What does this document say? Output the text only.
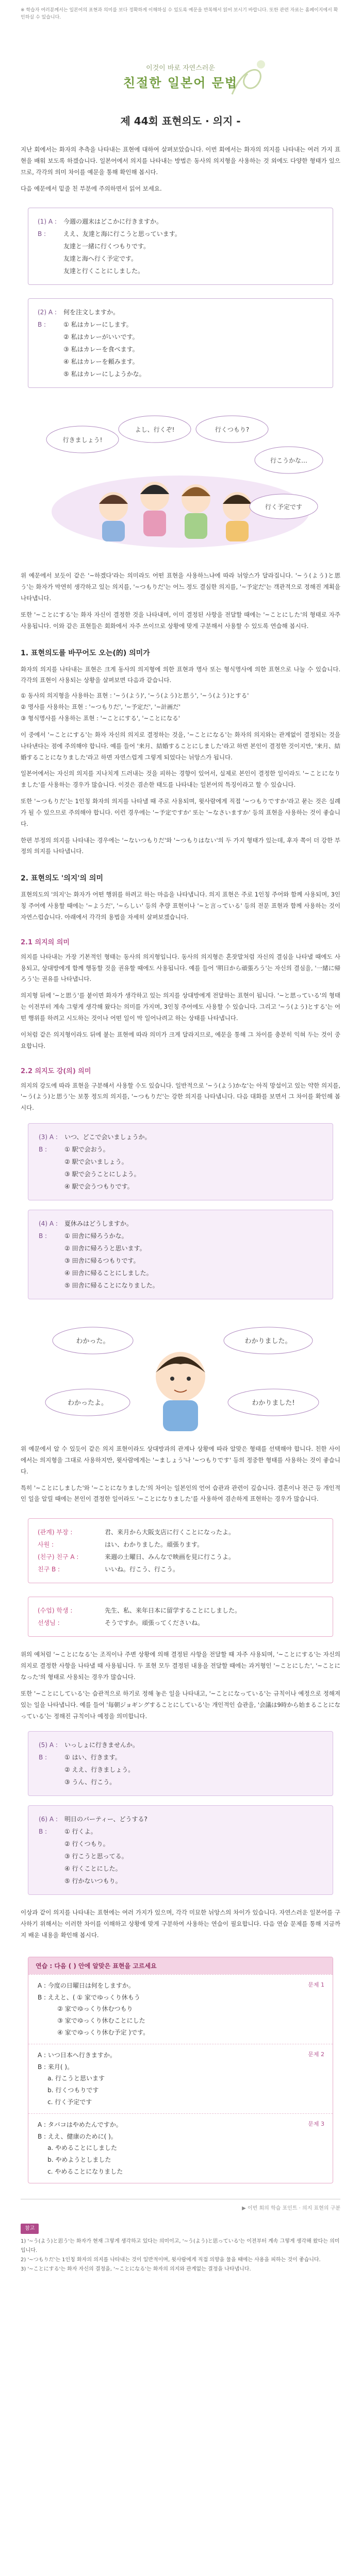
※ 학습자 여러분께서는 일본어의 표현과 의미를 보다 정확하게 이해하실 수 있도록 예문을 반복해서 읽어 보시기 바랍니다. 또한 관련 자료는 홈페이지에서 확인하실 수 있습니다.
이것이 바로 자연스러운
친절한 일본어 문법
제 44회 표현의도 · 의지 -

지난 회에서는 화자의 추측을 나타내는 표현에 대하여 살펴보았습니다. 이번 회에서는 화자의 의지를 나타내는 여러 가지 표현을 배워 보도록 하겠습니다. 일본어에서 의지를 나타내는 방법은 동사의 의지형을 사용하는 것 외에도 다양한 형태가 있으므로, 각각의 의미 차이를 예문을 통해 확인해 봅시다.

다음 예문에서 밑줄 친 부분에 주의하면서 읽어 보세요.

(1) A : 今週の週末はどこかに行きますか。
B :	ええ、友達と海に行こうと思っています。
友達と一緒に行くつもりです。
友達と海へ行く予定です。
友達と行くことにしました。
(2) A : 何を注文しますか。
B :	① 私はカレーにします。
② 私はカレーがいいです。
③ 私はカレーを食べます。
④ 私はカレーを頼みます。
⑤ 私はカレーにしようかな。
行きましょう!
よし、行くぞ!	行くつもり?
行こうかな…
行く予定です

위 예문에서 보듯이 같은 '~하겠다'라는 의미라도 어떤 표현을 사용하느냐에 따라 뉘앙스가 달라집니다. '~う(よう)と思う'는 화자가 막연히 생각하고 있는 의지를, '~つもりだ'는 어느 정도 결심한 의지를, '~予定だ'는 객관적으로 정해진 계획을 나타냅니다.

또한 '~ことにする'는 화자 자신이 결정한 것을 나타내며, 이미 결정된 사항을 전달할 때에는 '~ことにした'의 형태로 자주 사용됩니다. 이와 같은 표현들은 회화에서 자주 쓰이므로 상황에 맞게 구분해서 사용할 수 있도록 연습해 봅시다.

1. 표현의도를 바꾸어도 오는(的) 의미가

화자의 의지를 나타내는 표현은 크게 동사의 의지형에 의한 표현과 명사 또는 형식명사에 의한 표현으로 나눌 수 있습니다. 각각의 표현이 사용되는 상황을 살펴보면 다음과 같습니다.

① 동사의 의지형을 사용하는 표현 : '~う(よう)', '~う(よう)と思う', '~う(よう)とする'

② 명사를 사용하는 표현 : '~つもりだ', '~予定だ', '~計画だ'

③ 형식명사를 사용하는 표현 : '~ことにする', '~ことになる'

이 중에서 '~ことにする'는 화자 자신의 의지로 결정하는 것을, '~ことになる'는 화자의 의지와는 관계없이 결정되는 것을 나타낸다는 점에 주의해야 합니다. 예를 들어 '来月、結婚することにしました'라고 하면 본인이 결정한 것이지만, '来月、結婚することになりました'라고 하면 자연스럽게 그렇게 되었다는 뉘앙스가 됩니다.

일본어에서는 자신의 의지를 지나치게 드러내는 것을 피하는 경향이 있어서, 실제로 본인이 결정한 일이라도 '~ことになりました'를 사용하는 경우가 많습니다. 이것은 겸손한 태도를 나타내는 일본어의 특징이라고 할 수 있습니다.

또한 '~つもりだ'는 1인칭 화자의 의지를 나타낼 때 주로 사용되며, 윗사람에게 직접 '~つもりですか'라고 묻는 것은 실례가 될 수 있으므로 주의해야 합니다. 이런 경우에는 '~予定ですか' 또는 '~なさいますか' 등의 표현을 사용하는 것이 좋습니다.

한편 부정의 의지를 나타내는 경우에는 '~ないつもりだ'와 '~つもりはない'의 두 가지 형태가 있는데, 후자 쪽이 더 강한 부정의 의지를 나타냅니다.

2. 표현의도 '의지'의 의미

표현의도의 '의지'는 화자가 어떤 행위를 하려고 하는 마음을 나타냅니다. 의지 표현은 주로 1인칭 주어와 함께 사용되며, 3인칭 주어에 사용할 때에는 '~ようだ', '~らしい' 등의 추량 표현이나 '~と言っている' 등의 전문 표현과 함께 사용하는 것이 자연스럽습니다. 아래에서 각각의 용법을 자세히 살펴보겠습니다.

2.1 의지의 의미

의지를 나타내는 가장 기본적인 형태는 동사의 의지형입니다. 동사의 의지형은 혼잣말처럼 자신의 결심을 나타낼 때에도 사용되고, 상대방에게 함께 행동할 것을 권유할 때에도 사용됩니다. 예를 들어 '明日から頑張ろう'는 자신의 결심을, '一緒に帰ろう'는 권유를 나타냅니다.

의지형 뒤에 '~と思う'를 붙이면 화자가 생각하고 있는 의지를 상대방에게 전달하는 표현이 됩니다. '~と思っている'의 형태는 이전부터 계속 그렇게 생각해 왔다는 의미를 가지며, 3인칭 주어에도 사용할 수 있습니다. 그리고 '~う(よう)とする'는 어떤 행위를 하려고 시도하는 것이나 어떤 일이 막 일어나려고 하는 상태를 나타냅니다.

이처럼 같은 의지형이라도 뒤에 붙는 표현에 따라 의미가 크게 달라지므로, 예문을 통해 그 차이를 충분히 익혀 두는 것이 중요합니다.

2.2 의지도 강(의) 의미

의지의 강도에 따라 표현을 구분해서 사용할 수도 있습니다. 일반적으로 '~う(よう)かな'는 아직 망설이고 있는 약한 의지를, '~う(よう)と思う'는 보통 정도의 의지를, '~つもりだ'는 강한 의지를 나타냅니다. 다음 대화를 보면서 그 차이를 확인해 봅시다.

(3) A : いつ、どこで会いましょうか。
B :	① 駅で会おう。
② 駅で会いましょう。
③ 駅で会うことにしよう。
④ 駅で会うつもりです。
(4) A : 夏休みはどうしますか。
B :	① 田舎に帰ろうかな。
② 田舎に帰ろうと思います。
③ 田舎に帰るつもりです。
④ 田舎に帰ることにしました。
⑤ 田舎に帰ることになりました。
わかった。	わかりました。
わかったよ。	わかりました!

위 예문에서 알 수 있듯이 같은 의지 표현이라도 상대방과의 관계나 상황에 따라 알맞은 형태를 선택해야 합니다. 친한 사이에서는 의지형을 그대로 사용하지만, 윗사람에게는 '~ましょう'나 '~つもりです' 등의 정중한 형태를 사용하는 것이 좋습니다.

특히 '~ことにしました'와 '~ことになりました'의 차이는 일본인의 언어 습관과 관련이 깊습니다. 결혼이나 전근 등 개인적인 일을 알릴 때에는 본인이 결정한 일이라도 '~ことになりました'를 사용하여 겸손하게 표현하는 경우가 많습니다.

(관계) 부장 :	君、来月から大阪支店に行くことになったよ。
사원 :	はい、わかりました。頑張ります。
(친구) 친구 A :	来週の土曜日、みんなで映画を見に行こうよ。
친구 B :	いいね。行こう、行こう。
(수업) 학생 :	先生、私、来年日本に留学することにしました。
선생님 :	そうですか。頑張ってくださいね。

위의 예처럼 '~ことになる'는 조직이나 주변 상황에 의해 결정된 사항을 전달할 때 자주 사용되며, '~ことにする'는 자신의 의지로 결정한 사항을 나타낼 때 사용됩니다. 두 표현 모두 결정된 내용을 전달할 때에는 과거형인 '~ことにした', '~ことになった'의 형태로 사용되는 경우가 많습니다.

또한 '~ことにしている'는 습관적으로 하기로 정해 놓은 일을 나타내고, '~ことになっている'는 규칙이나 예정으로 정해져 있는 일을 나타냅니다. 예를 들어 '毎朝ジョギングすることにしている'는 개인적인 습관을, '会議は9時から始まることになっている'는 정해진 규칙이나 예정을 의미합니다.

(5) A : いっしょに行きませんか。
B :	① はい、行きます。
② ええ、行きましょう。
③ うん、行こう。
(6) A : 明日のパーティー、どうする?
B :	① 行くよ。
② 行くつもり。
③ 行こうと思ってる。
④ 行くことにした。
⑤ 行かないつもり。

이상과 같이 의지를 나타내는 표현에는 여러 가지가 있으며, 각각 미묘한 뉘앙스의 차이가 있습니다. 자연스러운 일본어를 구사하기 위해서는 이러한 차이를 이해하고 상황에 맞게 구분하여 사용하는 연습이 필요합니다. 다음 연습 문제를 통해 지금까지 배운 내용을 확인해 봅시다.

연습 : 다음 ( ) 안에 알맞은 표현을 고르세요
문제 1
A : 今度の日曜日は何をしますか。
B : ええと、( ① 家でゆっくり休もう
② 家でゆっくり休むつもり
③ 家でゆっくり休むことにした
④ 家でゆっくり休む予定 )です。
문제 2
A : いつ日本へ行きますか。
B : 来月( )。
a. 行こうと思います
b. 行くつもりです
c. 行く予定です
문제 3
A : タバコはやめたんですか。
B : ええ、健康のために( )。
a. やめることにしました
b. やめようとしました
c. やめることになりました
▶ 이번 회의 학습 포인트 · 의지 표현의 구분
참고
1) '~う(よう)と思う'는 화자가 현재 그렇게 생각하고 있다는 의미이고, '~う(よう)と思っている'는 이전부터 계속 그렇게 생각해 왔다는 의미입니다.
2) '~つもりだ'는 1인칭 화자의 의지를 나타내는 것이 일반적이며, 윗사람에게 직접 의향을 물을 때에는 사용을 피하는 것이 좋습니다.
3) '~ことにする'는 화자 자신의 결정을, '~ことになる'는 화자의 의지와 관계없는 결정을 나타냅니다.
